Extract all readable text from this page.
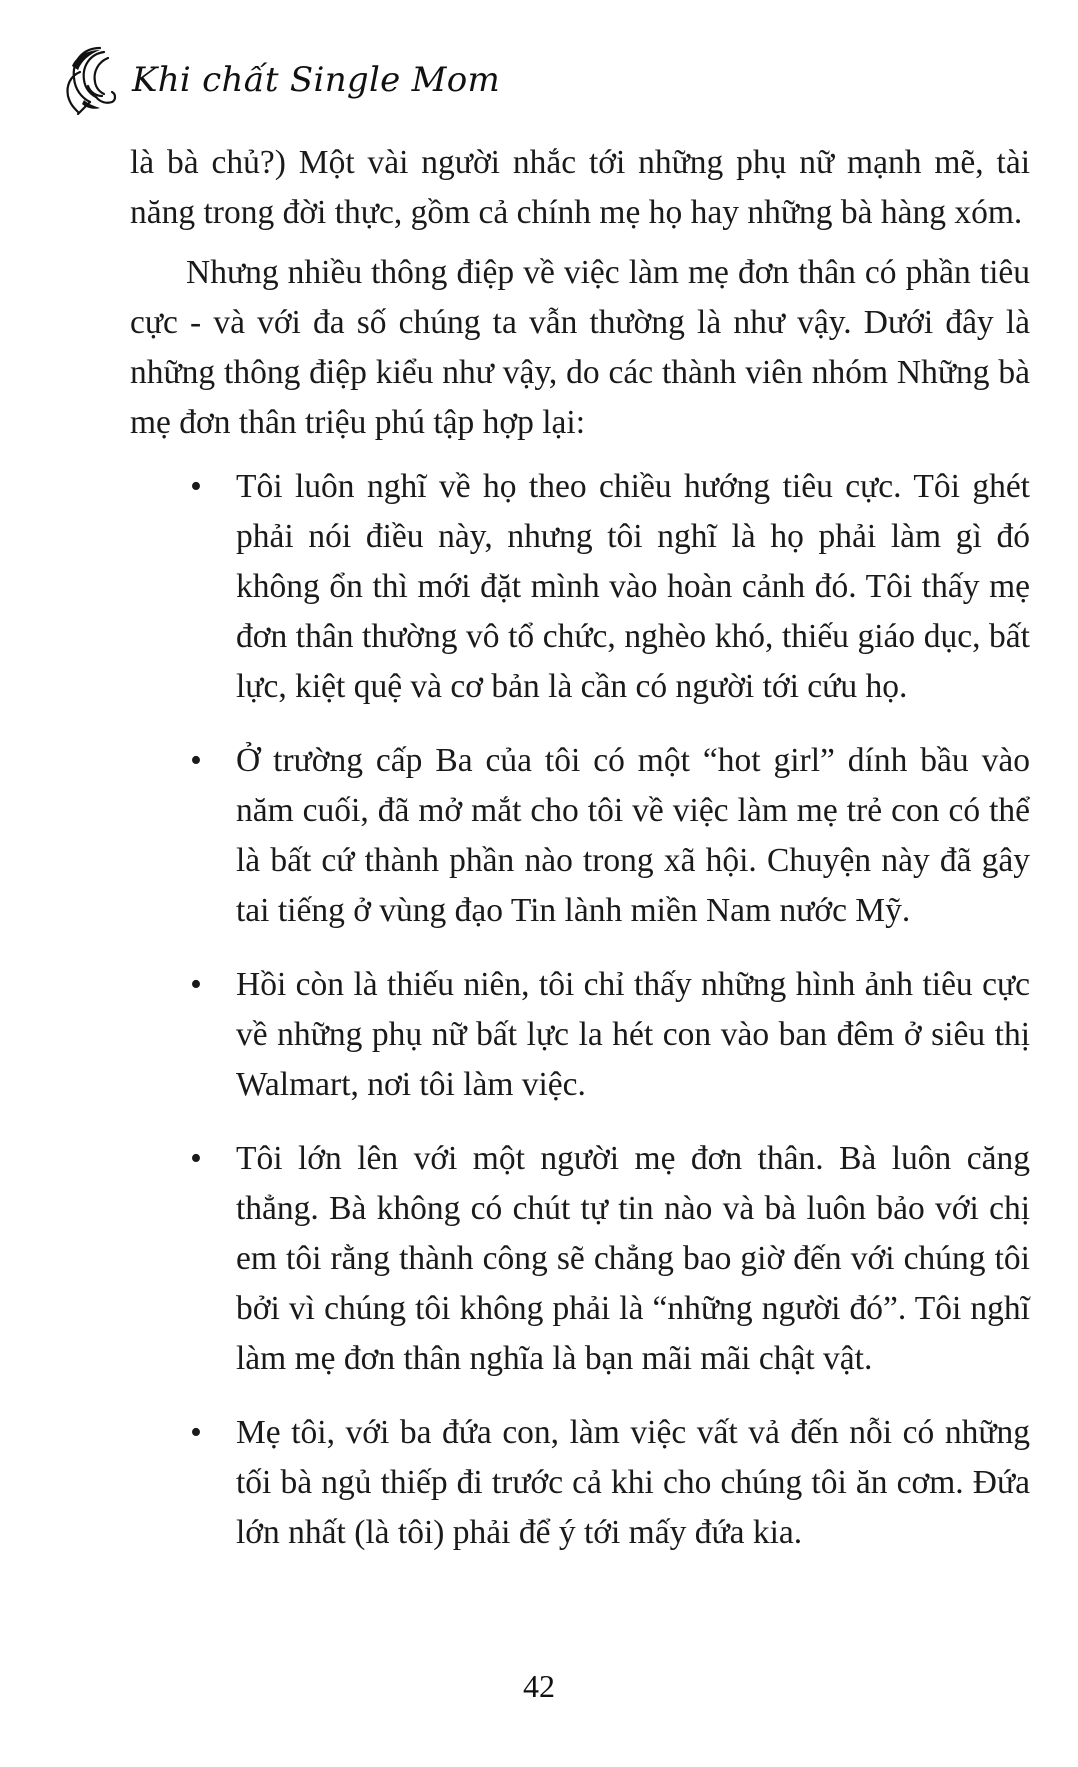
Khi chất Single Mom

là bà chủ?) Một vài người nhắc tới những phụ nữ mạnh mẽ, tài năng trong đời thực, gồm cả chính mẹ họ hay những bà hàng xóm.

Nhưng nhiều thông điệp về việc làm mẹ đơn thân có phần tiêu cực - và với đa số chúng ta vẫn thường là như vậy. Dưới đây là những thông điệp kiểu như vậy, do các thành viên nhóm Những bà mẹ đơn thân triệu phú tập hợp lại:

• Tôi luôn nghĩ về họ theo chiều hướng tiêu cực. Tôi ghét phải nói điều này, nhưng tôi nghĩ là họ phải làm gì đó không ổn thì mới đặt mình vào hoàn cảnh đó. Tôi thấy mẹ đơn thân thường vô tổ chức, nghèo khó, thiếu giáo dục, bất lực, kiệt quệ và cơ bản là cần có người tới cứu họ.
• Ở trường cấp Ba của tôi có một “hot girl” dính bầu vào năm cuối, đã mở mắt cho tôi về việc làm mẹ trẻ con có thể là bất cứ thành phần nào trong xã hội. Chuyện này đã gây tai tiếng ở vùng đạo Tin lành miền Nam nước Mỹ.
• Hồi còn là thiếu niên, tôi chỉ thấy những hình ảnh tiêu cực về những phụ nữ bất lực la hét con vào ban đêm ở siêu thị Walmart, nơi tôi làm việc.
• Tôi lớn lên với một người mẹ đơn thân. Bà luôn căng thẳng. Bà không có chút tự tin nào và bà luôn bảo với chị em tôi rằng thành công sẽ chẳng bao giờ đến với chúng tôi bởi vì chúng tôi không phải là “những người đó”. Tôi nghĩ làm mẹ đơn thân nghĩa là bạn mãi mãi chật vật.
• Mẹ tôi, với ba đứa con, làm việc vất vả đến nỗi có những tối bà ngủ thiếp đi trước cả khi cho chúng tôi ăn cơm. Đứa lớn nhất (là tôi) phải để ý tới mấy đứa kia.
42
